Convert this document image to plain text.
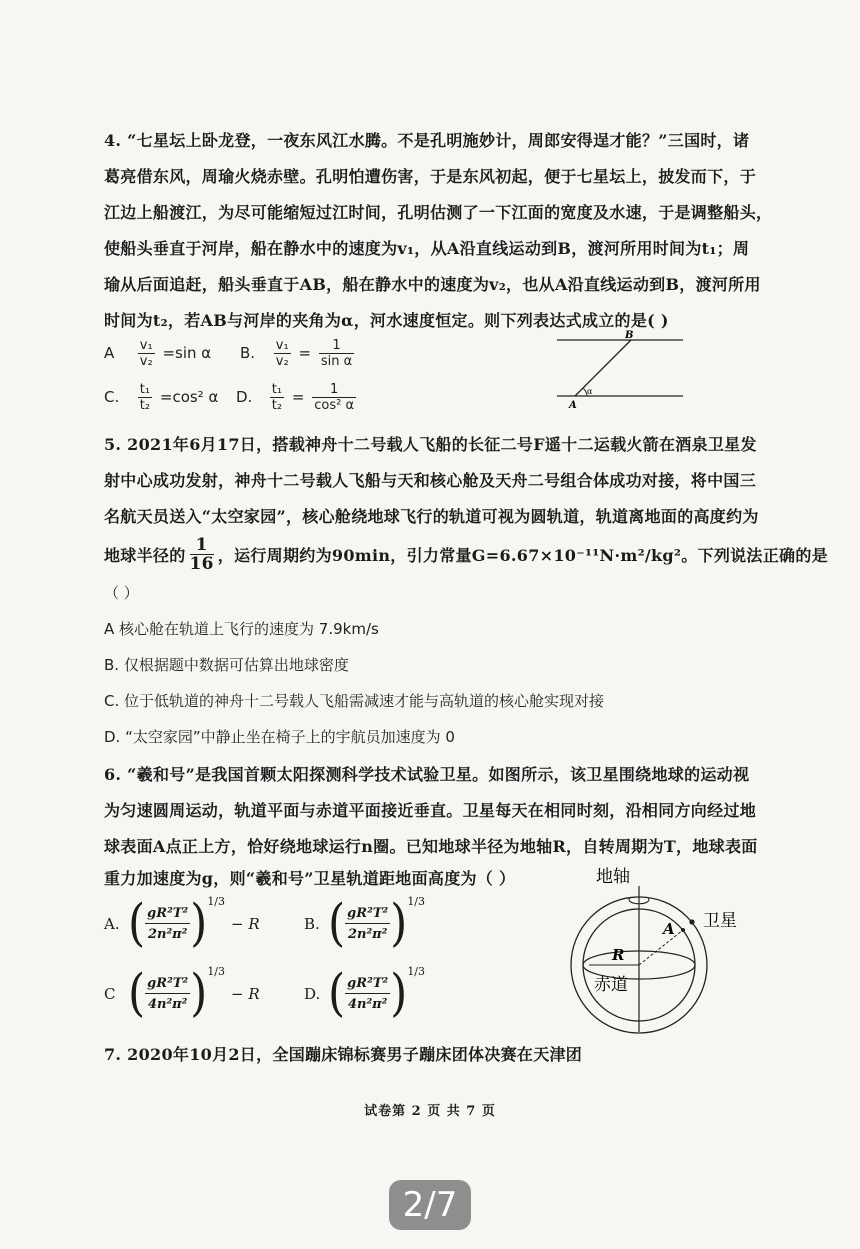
4. “七星坛上卧龙登，一夜东风江水腾。不是孔明施妙计，周郎安得逞才能？”三国时，诸
葛亮借东风，周瑜火烧赤壁。孔明怕遭伤害，于是东风初起，便于七星坛上，披发而下，于
江边上船渡江，为尽可能缩短过江时间，孔明估测了一下江面的宽度及水速，于是调整船头，
使船头垂直于河岸，船在静水中的速度为v₁，从A沿直线运动到B，渡河所用时间为t₁；周
瑜从后面追赶，船头垂直于AB，船在静水中的速度为v₂，也从A沿直线运动到B，渡河所用
时间为t₂，若AB与河岸的夹角为α，河水速度恒定。则下列表达式成立的是( )
A $\frac{\text{v₁}}{\text{v₂}} =\sin$ α B. $\frac{\text{v₁}}{\text{v₂}} = \frac{1}{\text{sin α}}$
C. $\frac{\text{t₁}}{\text{t₂}} =\cos^2$ α D. $\frac{\text{t₁}}{\text{t₂}} = \frac{1}{\text{cos² α}}$	A
B
α
5. 2021年6月17日，搭载神舟十二号载人飞船的长征二号F遥十二运载火箭在酒泉卫星发
射中心成功发射，神舟十二号载人飞船与天和核心舱及天舟二号组合体成功对接，将中国三
名航天员送入“太空家园”，核心舱绕地球飞行的轨道可视为圆轨道，轨道离地面的高度约为
地球半径的 $\frac{1}{16}$ ，运行周期约为90min，引力常量G=6.67×10⁻¹¹N·m²/kg²。下列说法正确的是
（ ）
A 核心舱在轨道上飞行的速度为 7.9km/s
B. 仅根据题中数据可估算出地球密度
C. 位于低轨道的神舟十二号载人飞船需减速才能与高轨道的核心舱实现对接
D. “太空家园”中静止坐在椅子上的宇航员加速度为 0
6. “羲和号”是我国首颗太阳探测科学技术试验卫星。如图所示，该卫星围绕地球的运动视
为匀速圆周运动，轨道平面与赤道平面接近垂直。卫星每天在相同时刻，沿相同方向经过地
球表面A点正上方，恰好绕地球运行n圈。已知地球半径为地轴R，自转周期为T，地球表面
重力加速度为g，则“羲和号”卫星轨道距地面高度为（ ）
A. ( $\frac{\text{gR²T²}}{\text{2n²π²}}$ ) 1/3
− R	B. ( $\frac{\text{gR²T²}}{\text{2n²π²}}$ ) 1/3
C ( $\frac{\text{gR²T²}}{\text{4n²π²}}$ ) 1/3
− R	D. ( $\frac{\text{gR²T²}}{\text{4n²π²}}$ ) 1/3
地轴
卫星
赤道
A
R
7. 2020年10月2日，全国蹦床锦标赛男子蹦床团体决赛在天津团
试卷第 2 页 共 7 页
2/7
